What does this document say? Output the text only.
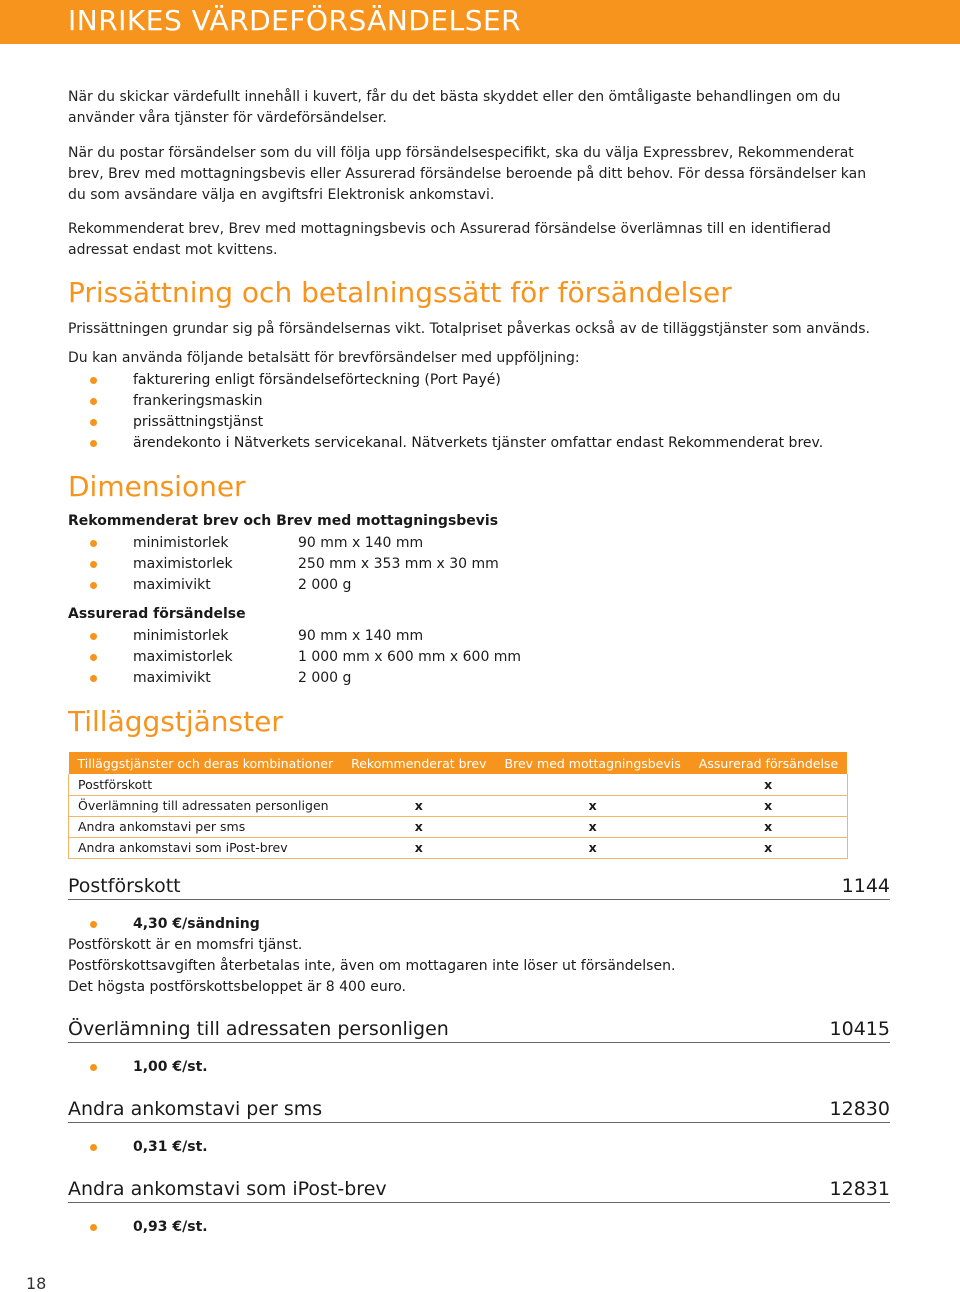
INRIKES VÄRDEFÖRSÄNDELSER

När du skickar värdefullt innehåll i kuvert, får du det bästa skyddet eller den ömtåligaste behandlingen om du använder våra tjänster för värdeförsändelser.

När du postar försändelser som du vill följa upp försändelsespecifikt, ska du välja Expressbrev, Rekommenderat brev, Brev med mottagningsbevis eller Assurerad försändelse beroende på ditt behov. För dessa försändelser kan du som avsändare välja en avgiftsfri Elektronisk ankomstavi.

Rekommenderat brev, Brev med mottagningsbevis och Assurerad försändelse överlämnas till en identifierad adressat endast mot kvittens.

Prissättning och betalningssätt för försändelser

Prissättningen grundar sig på försändelsernas vikt. Totalpriset påverkas också av de tilläggstjänster som används.

Du kan använda följande betalsätt för brevförsändelser med uppföljning:

fakturering enligt försändelseförteckning (Port Payé)
frankeringsmaskin
prissättningstjänst
ärendekonto i Nätverkets servicekanal. Nätverkets tjänster omfattar endast Rekommenderat brev.
Dimensioner
Rekommenderat brev och Brev med mottagningsbevis
minimistorlek	90 mm x 140 mm
maximistorlek	250 mm x 353 mm x 30 mm
maximivikt	2 000 g
Assurerad försändelse
minimistorlek	90 mm x 140 mm
maximistorlek	1 000 mm x 600 mm x 600 mm
maximivikt	2 000 g
Tilläggstjänster
Tilläggstjänster och deras kombinationer	Rekommenderat brev	Brev med mottagningsbevis	Assurerad försändelse
Postförskott			x
Överlämning till adressaten personligen	x	x	x
Andra ankomstavi per sms	x	x	x
Andra ankomstavi som iPost-brev	x	x	x
Postförskott	1144
4,30 €/sändning
Postförskott är en momsfri tjänst.
Postförskottsavgiften återbetalas inte, även om mottagaren inte löser ut försändelsen.
Det högsta postförskottsbeloppet är 8 400 euro.
Överlämning till adressaten personligen	10415
1,00 €/st.
Andra ankomstavi per sms	12830
0,31 €/st.
Andra ankomstavi som iPost-brev	12831
0,93 €/st.
18
